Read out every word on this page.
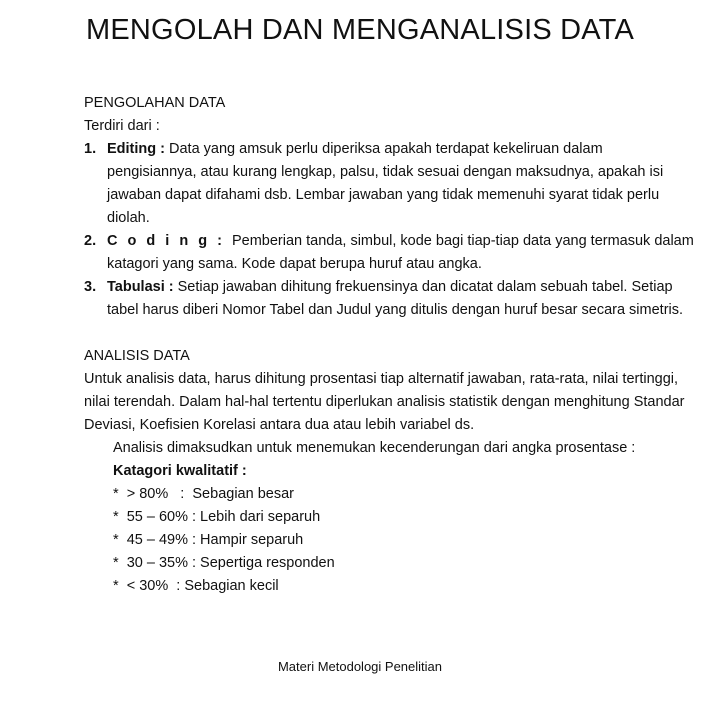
MENGOLAH DAN MENGANALISIS DATA
PENGOLAHAN DATA
Terdiri dari :
1. Editing : Data yang amsuk perlu diperiksa apakah terdapat kekeliruan dalam pengisiannya, atau kurang lengkap, palsu, tidak sesuai dengan maksudnya, apakah isi jawaban dapat difahami dsb. Lembar jawaban yang tidak memenuhi syarat tidak perlu diolah.
2. C o d i n g : Pemberian tanda, simbul, kode bagi tiap-tiap data yang termasuk dalam katagori yang sama. Kode dapat berupa huruf atau angka.
3. Tabulasi : Setiap jawaban dihitung frekuensinya dan dicatat dalam sebuah tabel. Setiap tabel harus diberi Nomor Tabel dan Judul yang ditulis dengan huruf besar secara simetris.
ANALISIS DATA
Untuk analisis data, harus dihitung prosentasi tiap alternatif jawaban, rata-rata, nilai tertinggi, nilai terendah. Dalam hal-hal tertentu diperlukan analisis statistik dengan menghitung Standar Deviasi, Koefisien Korelasi antara dua atau lebih variabel ds.
Analisis dimaksudkan untuk menemukan kecenderungan dari angka prosentase :
Katagori kwalitatif :
*  > 80%   :  Sebagian besar
*  55 – 60% : Lebih dari separuh
*  45 – 49% : Hampir separuh
*  30 – 35% : Sepertiga responden
*  < 30%  : Sebagian kecil
Materi Metodologi Penelitian
